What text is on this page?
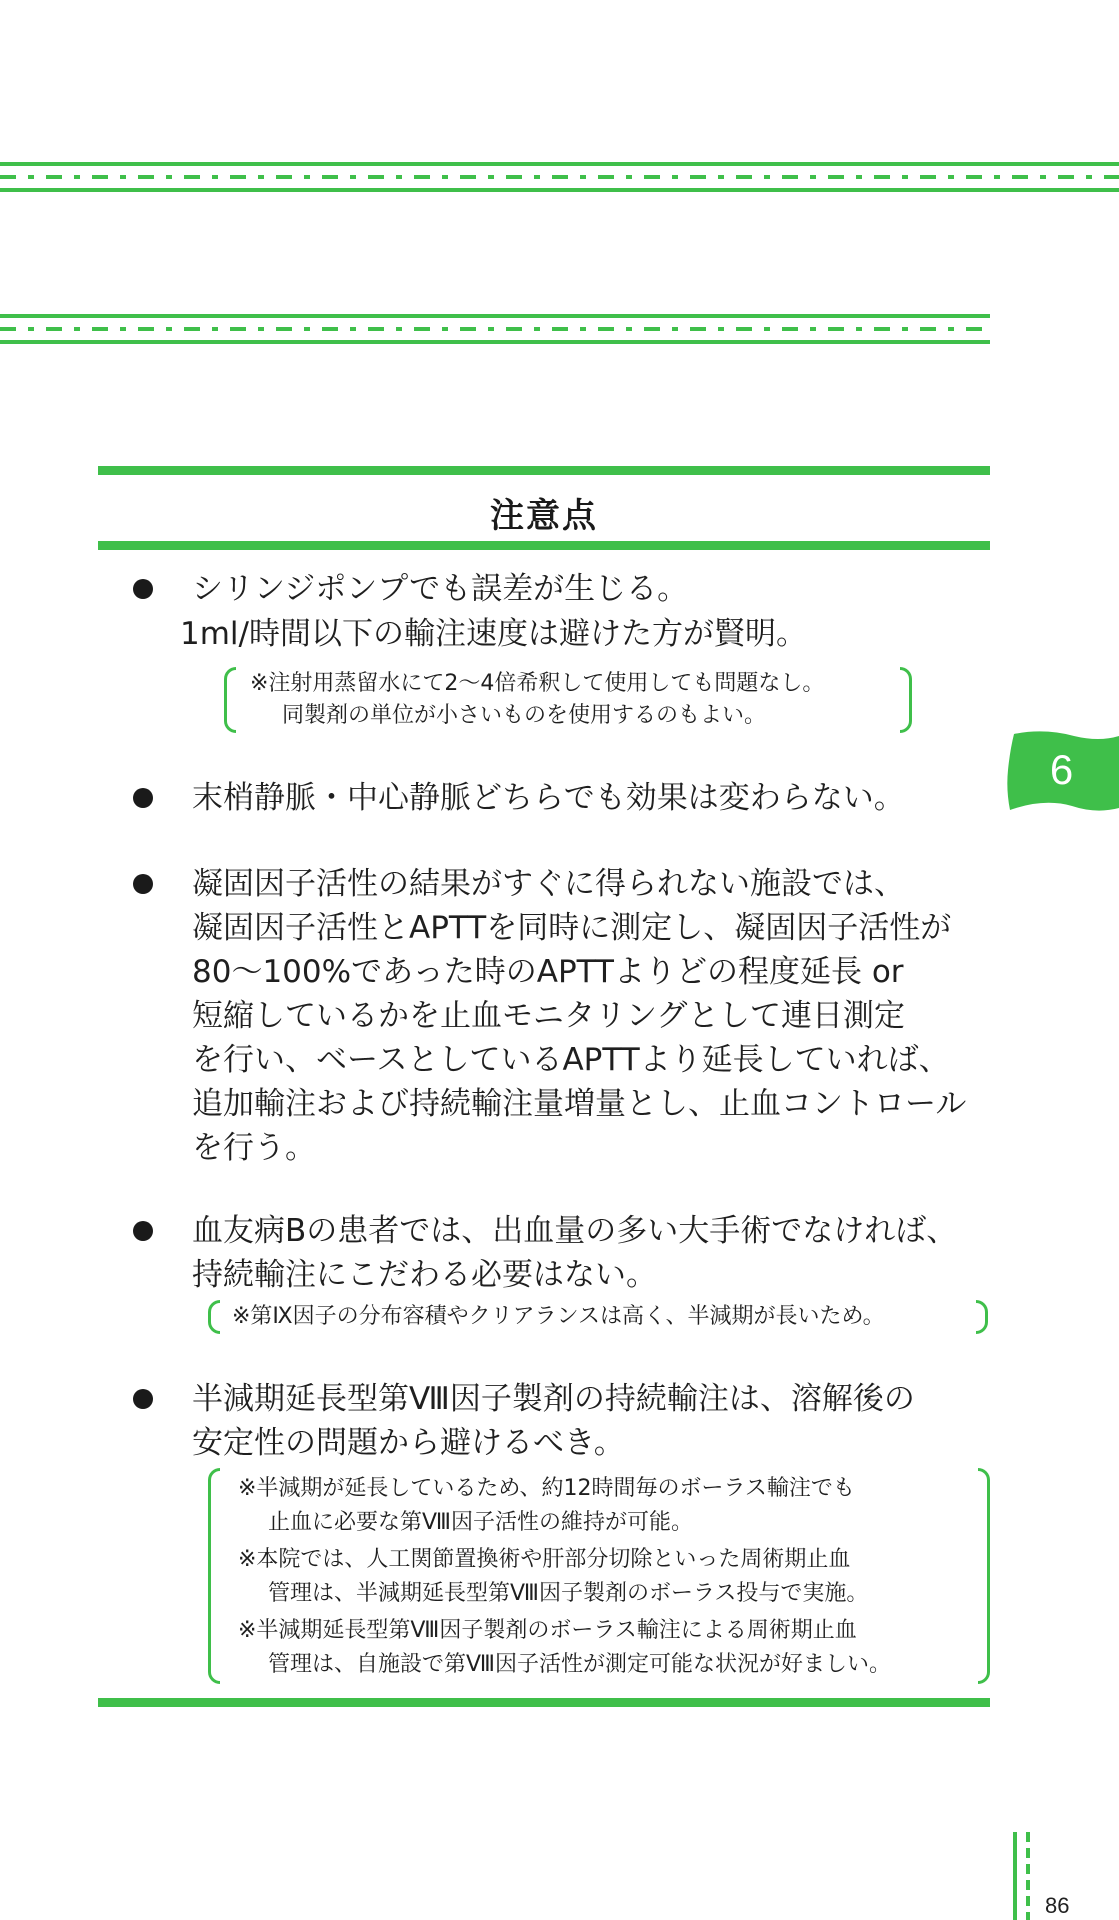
注意点
シリンジポンプでも誤差が生じる。
1ml/時間以下の輸注速度は避けた方が賢明。
※注射用蒸留水にて2～4倍希釈して使用しても問題なし。
同製剤の単位が小さいものを使用するのもよい。
末梢静脈・中心静脈どちらでも効果は変わらない。
凝固因子活性の結果がすぐに得られない施設では、
凝固因子活性とAPTTを同時に測定し、凝固因子活性が
80～100%であった時のAPTTよりどの程度延長 or
短縮しているかを止血モニタリングとして連日測定
を行い、ベースとしているAPTTより延長していれば、
追加輸注および持続輸注量増量とし、止血コントロール
を行う。
血友病Bの患者では、出血量の多い大手術でなければ、
持続輸注にこだわる必要はない。
※第Ⅸ因子の分布容積やクリアランスは高く、半減期が長いため。
半減期延長型第Ⅷ因子製剤の持続輸注は、溶解後の
安定性の問題から避けるべき。
※半減期が延長しているため、約12時間毎のボーラス輸注でも
止血に必要な第Ⅷ因子活性の維持が可能。
※本院では、人工関節置換術や肝部分切除といった周術期止血
管理は、半減期延長型第Ⅷ因子製剤のボーラス投与で実施。
※半減期延長型第Ⅷ因子製剤のボーラス輸注による周術期止血
管理は、自施設で第Ⅷ因子活性が測定可能な状況が好ましい。
6
86
